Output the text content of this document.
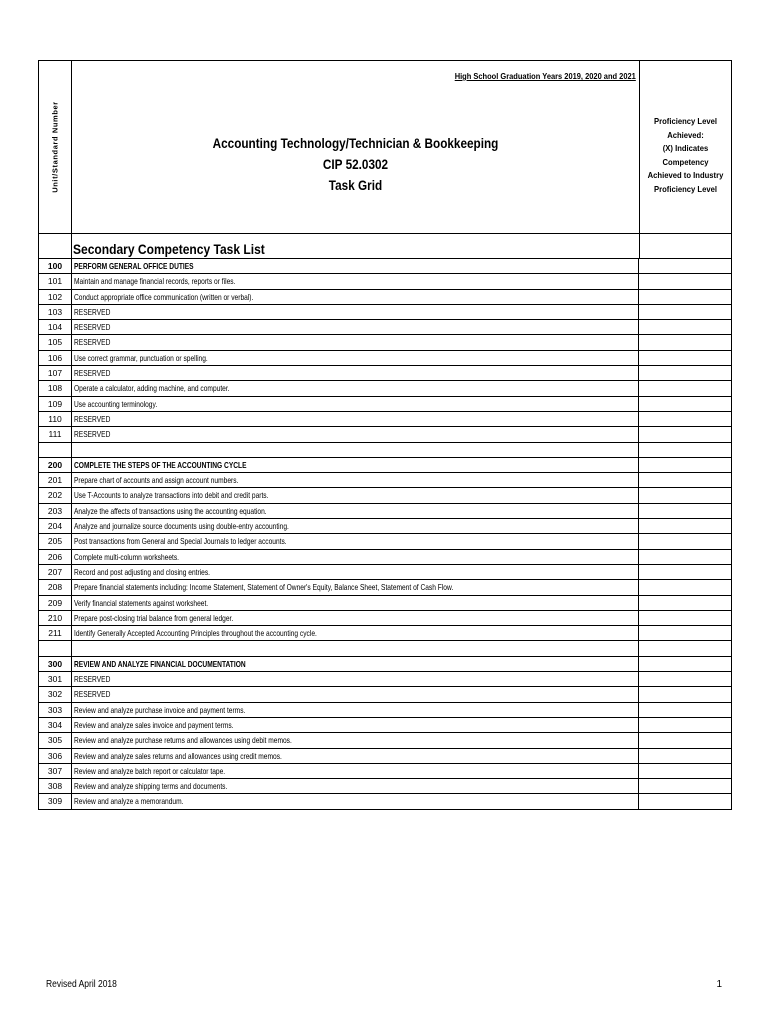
Unit/Standard Number
High School Graduation Years 2019, 2020 and 2021
Accounting Technology/Technician & Bookkeeping
CIP 52.0302
Task Grid
Proficiency Level
Achieved:
(X) Indicates Competency
Achieved to Industry
Proficiency Level
Secondary Competency Task List
100	PERFORM GENERAL OFFICE DUTIES
101	Maintain and manage financial records, reports or files.
102	Conduct appropriate office communication (written or verbal).
103	RESERVED
104	RESERVED
105	RESERVED
106	Use correct grammar, punctuation or spelling.
107	RESERVED
108	Operate a calculator, adding machine, and computer.
109	Use accounting terminology.
110	RESERVED
111	RESERVED
200	COMPLETE THE STEPS OF THE ACCOUNTING CYCLE
201	Prepare chart of accounts and assign account numbers.
202	Use T-Accounts to analyze transactions into debit and credit parts.
203	Analyze the affects of transactions using the accounting equation.
204	Analyze and journalize source documents using double-entry accounting.
205	Post transactions from General and Special Journals to ledger accounts.
206	Complete multi-column worksheets.
207	Record and post adjusting and closing entries.
208	Prepare financial statements including: Income Statement, Statement of Owner's Equity, Balance Sheet, Statement of Cash Flow.
209	Verify financial statements against worksheet.
210	Prepare post-closing trial balance from general ledger.
211	Identify Generally Accepted Accounting Principles throughout the accounting cycle.
300	REVIEW AND ANALYZE FINANCIAL DOCUMENTATION
301	RESERVED
302	RESERVED
303	Review and analyze purchase invoice and payment terms.
304	Review and analyze sales invoice and payment terms.
305	Review and analyze purchase returns and allowances using debit memos.
306	Review and analyze sales returns and allowances using credit memos.
307	Review and analyze batch report or calculator tape.
308	Review and analyze shipping terms and documents.
309	Review and analyze a memorandum.
Revised April 2018	1
